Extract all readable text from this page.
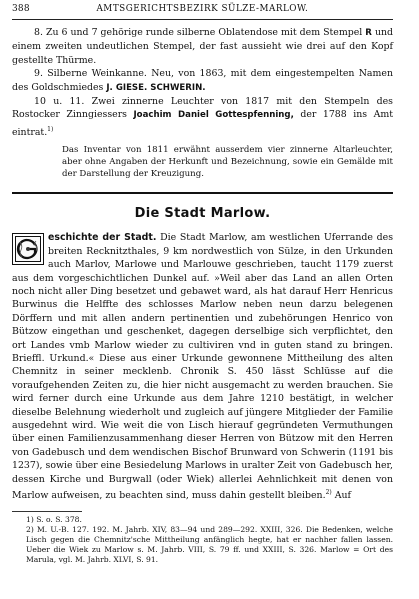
388	AMTSGERICHTSBEZIRK SÜLZE-MARLOW.

8. Zu 6 und 7 gehörige runde silberne Oblatendose mit dem Stempel R und einem zweiten undeutlichen Stempel, der fast aussieht wie drei auf den Kopf gestellte Thürme.

9. Silberne Weinkanne. Neu, von 1863, mit dem eingestempelten Namen des Goldschmiedes J. GIESE. SCHWERIN.

10 u. 11. Zwei zinnerne Leuchter von 1817 mit den Stempeln des Rostocker Zinngiessers Joachim Daniel Gottespfenning, der 1788 ins Amt eintrat.$^{1)}$

Das Inventar von 1811 erwähnt ausserdem vier zinnerne Altarleuchter, aber ohne Angaben der Herkunft und Bezeichnung, sowie ein Gemälde mit der Darstellung der Kreuzigung.

Die Stadt Marlow.

eschichte der Stadt. Die Stadt Marlow, am westlichen Uferrande des breiten Recknitzthales, 9 km nordwestlich von Sülze, in den Urkunden auch Marlov, Marlowe und Marlouwe geschrieben, taucht 1179 zuerst aus dem vorgeschichtlichen Dunkel auf. »Weil aber das Land an allen Orten noch nicht aller Ding besetzet und gebawet ward, als hat darauf Herr Henricus Burwinus die Helffte des schlosses Marlow neben neun darzu belegenen Dörffern und mit allen andern pertinentien und zubehörungen Henrico von Bützow eingethan und geschenket, dagegen derselbige sich verpflichtet, den ort Landes vmb Marlow wieder zu cultiviren vnd in guten stand zu bringen. Brieffl. Urkund.« Diese aus einer Urkunde gewonnene Mittheilung des alten Chemnitz in seiner mecklenb. Chronik S. 450 lässt Schlüsse auf die voraufgehenden Zeiten zu, die hier nicht ausgemacht zu werden brauchen. Sie wird ferner durch eine Urkunde aus dem Jahre 1210 bestätigt, in welcher dieselbe Belehnung wiederholt und zugleich auf jüngere Mitglieder der Familie ausgedehnt wird. Wie weit die von Lisch hierauf gegründeten Vermuthungen über einen Familienzusammenhang dieser Herren von Bützow mit den Herren von Gadebusch und dem wendischen Bischof Brunward von Schwerin (1191 bis 1237), sowie über eine Besiedelung Marlows in uralter Zeit von Gadebusch her, dessen Kirche und Burgwall (oder Wiek) allerlei Aehnlichkeit mit denen von Marlow aufweisen, zu beachten sind, muss dahin gestellt bleiben.$^{2)}$ Auf

1) S. o. S. 378.
2) M. U.-B. 127. 192. M. Jahrb. XIV, 83—94 und 289—292. XXIII, 326. Die Bedenken, welche Lisch gegen die Chemnitz'sche Mittheilung anfänglich hegte, hat er nachher fallen lassen. Ueber die Wiek zu Marlow s. M. Jahrb. VIII, S. 79 ff. und XXIII, S. 326. Marlow = Ort des Marula, vgl. M. Jahrb. XLVI, S. 91.
